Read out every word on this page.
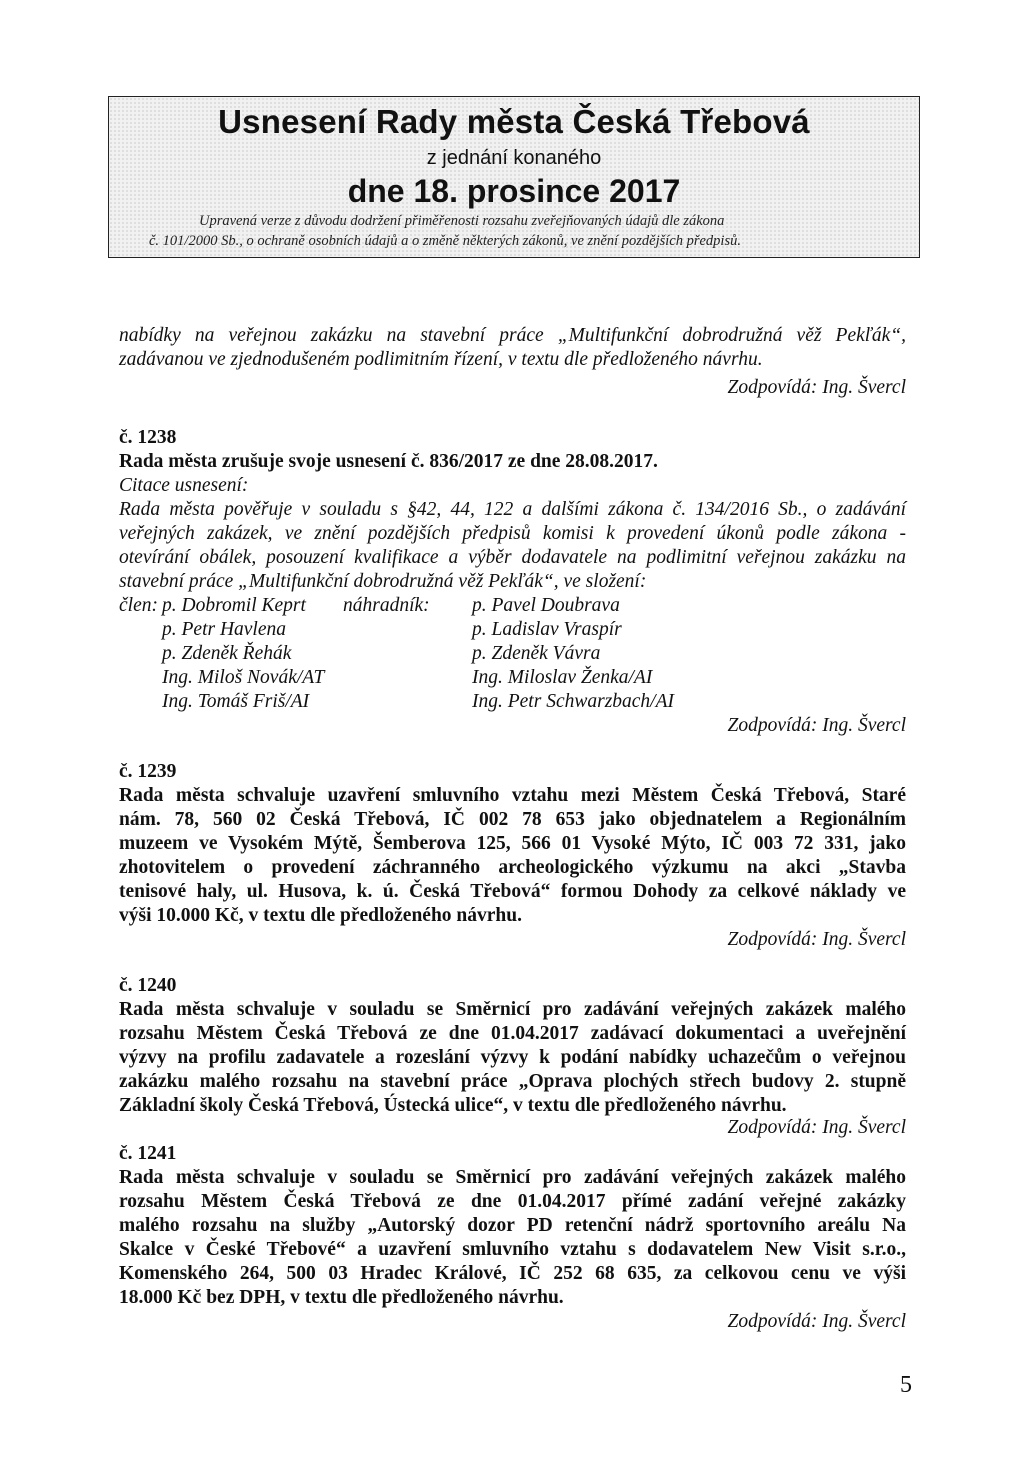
Usnesení Rady města Česká Třebová
z jednání konaného
dne 18. prosince 2017
Upravená verze z důvodu dodržení přiměřenosti rozsahu zveřejňovaných údajů dle zákona
č. 101/2000 Sb., o ochraně osobních údajů a o změně některých zákonů, ve znění pozdějších předpisů.
nabídky na veřejnou zakázku na stavební práce „Multifunkční dobrodružná věž Pekľák“,
zadávanou ve zjednodušeném podlimitním řízení, v textu dle předloženého návrhu.
Zodpovídá: Ing. Švercl
č. 1238
Rada města zrušuje svoje usnesení č. 836/2017 ze dne 28.08.2017.
Citace usnesení:
Rada města pověřuje v souladu s §42, 44, 122 a dalšími zákona č. 134/2016 Sb., o zadávání
veřejných zakázek, ve znění pozdějších předpisů komisi k provedení úkonů podle zákona -
otevírání obálek, posouzení kvalifikace a výběr dodavatele na podlimitní veřejnou zakázku na
stavební práce „Multifunkční dobrodružná věž Pekľák“, ve složení:
člen:	náhradník:
p. Dobromil Keprt
p. Petr Havlena
p. Zdeněk Řehák
Ing. Miloš Novák/AT
Ing. Tomáš Friš/AI
p. Pavel Doubrava
p. Ladislav Vraspír
p. Zdeněk Vávra
Ing. Miloslav Ženka/AI
Ing. Petr Schwarzbach/AI
Zodpovídá: Ing. Švercl
č. 1239
Rada města schvaluje uzavření smluvního vztahu mezi Městem Česká Třebová, Staré
nám. 78, 560 02 Česká Třebová, IČ 002 78 653 jako objednatelem a Regionálním
muzeem ve Vysokém Mýtě, Šemberova 125, 566 01 Vysoké Mýto, IČ 003 72 331, jako
zhotovitelem o provedení záchranného archeologického výzkumu na akci „Stavba
tenisové haly, ul. Husova, k. ú. Česká Třebová“ formou Dohody za celkové náklady ve
výši 10.000 Kč, v textu dle předloženého návrhu.
Zodpovídá: Ing. Švercl
č. 1240
Rada města schvaluje v souladu se Směrnicí pro zadávání veřejných zakázek malého
rozsahu Městem Česká Třebová ze dne 01.04.2017 zadávací dokumentaci a uveřejnění
výzvy na profilu zadavatele a rozeslání výzvy k podání nabídky uchazečům o veřejnou
zakázku malého rozsahu na stavební práce „Oprava plochých střech budovy 2. stupně
Základní školy Česká Třebová, Ústecká ulice“, v textu dle předloženého návrhu.
Zodpovídá: Ing. Švercl
č. 1241
Rada města schvaluje v souladu se Směrnicí pro zadávání veřejných zakázek malého
rozsahu Městem Česká Třebová ze dne 01.04.2017 přímé zadání veřejné zakázky
malého rozsahu na služby „Autorský dozor PD retenční nádrž sportovního areálu Na
Skalce v České Třebové“ a uzavření smluvního vztahu s dodavatelem New Visit s.r.o.,
Komenského 264, 500 03 Hradec Králové, IČ 252 68 635, za celkovou cenu ve výši
18.000 Kč bez DPH, v textu dle předloženého návrhu.
Zodpovídá: Ing. Švercl
5
